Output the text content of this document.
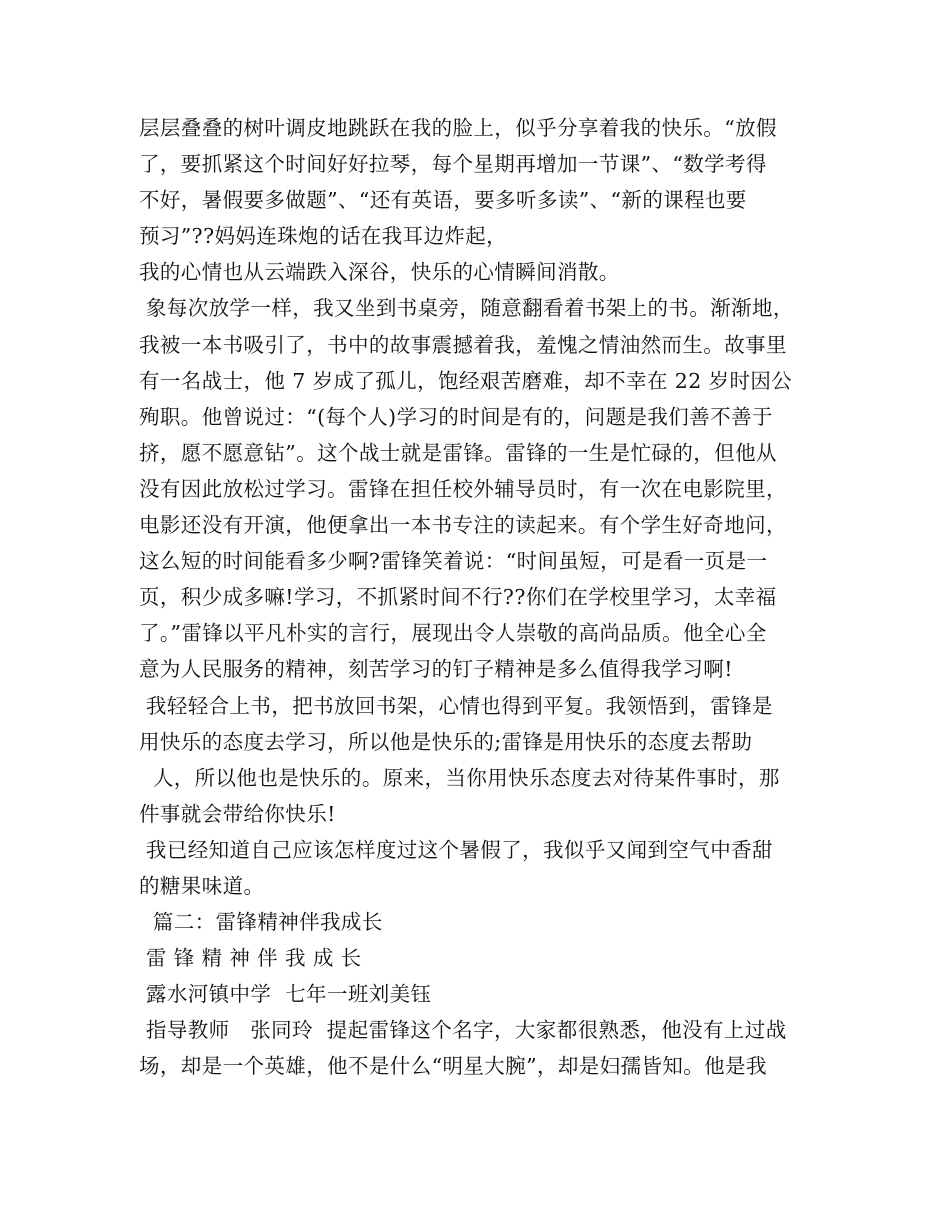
层层叠叠的树叶调皮地跳跃在我的脸上，似乎分享着我的快乐。“放假
了，要抓紧这个时间好好拉琴，每个星期再增加一节课”、“数学考得
不好，暑假要多做题”、“还有英语，要多听多读”、“新的课程也要
预习”??妈妈连珠炮的话在我耳边炸起，
我的心情也从云端跌入深谷，快乐的心情瞬间消散。
象每次放学一样，我又坐到书桌旁，随意翻看着书架上的书。渐渐地，
我被一本书吸引了，书中的故事震撼着我，羞愧之情油然而生。故事里
有一名战士，他 7 岁成了孤儿，饱经艰苦磨难，却不幸在 22 岁时因公
殉职。他曾说过：“(每个人)学习的时间是有的，问题是我们善不善于
挤，愿不愿意钻”。这个战士就是雷锋。雷锋的一生是忙碌的，但他从
没有因此放松过学习。雷锋在担任校外辅导员时，有一次在电影院里，
电影还没有开演，他便拿出一本书专注的读起来。有个学生好奇地问，
这么短的时间能看多少啊?雷锋笑着说：“时间虽短，可是看一页是一
页，积少成多嘛!学习，不抓紧时间不行??你们在学校里学习，太幸福
了。”雷锋以平凡朴实的言行，展现出令人崇敬的高尚品质。他全心全
意为人民服务的精神，刻苦学习的钉子精神是多么值得我学习啊!
我轻轻合上书，把书放回书架，心情也得到平复。我领悟到，雷锋是
用快乐的态度去学习，所以他是快乐的;雷锋是用快乐的态度去帮助
人，所以他也是快乐的。原来，当你用快乐态度去对待某件事时，那
件事就会带给你快乐!
我已经知道自己应该怎样度过这个暑假了，我似乎又闻到空气中香甜
的糖果味道。
篇二：雷锋精神伴我成长
雷 锋 精 神 伴 我 成 长
露水河镇中学  七年一班刘美钰
指导教师   张同玲  提起雷锋这个名字，大家都很熟悉，他没有上过战
场，却是一个英雄，他不是什么“明星大腕”，却是妇孺皆知。他是我
